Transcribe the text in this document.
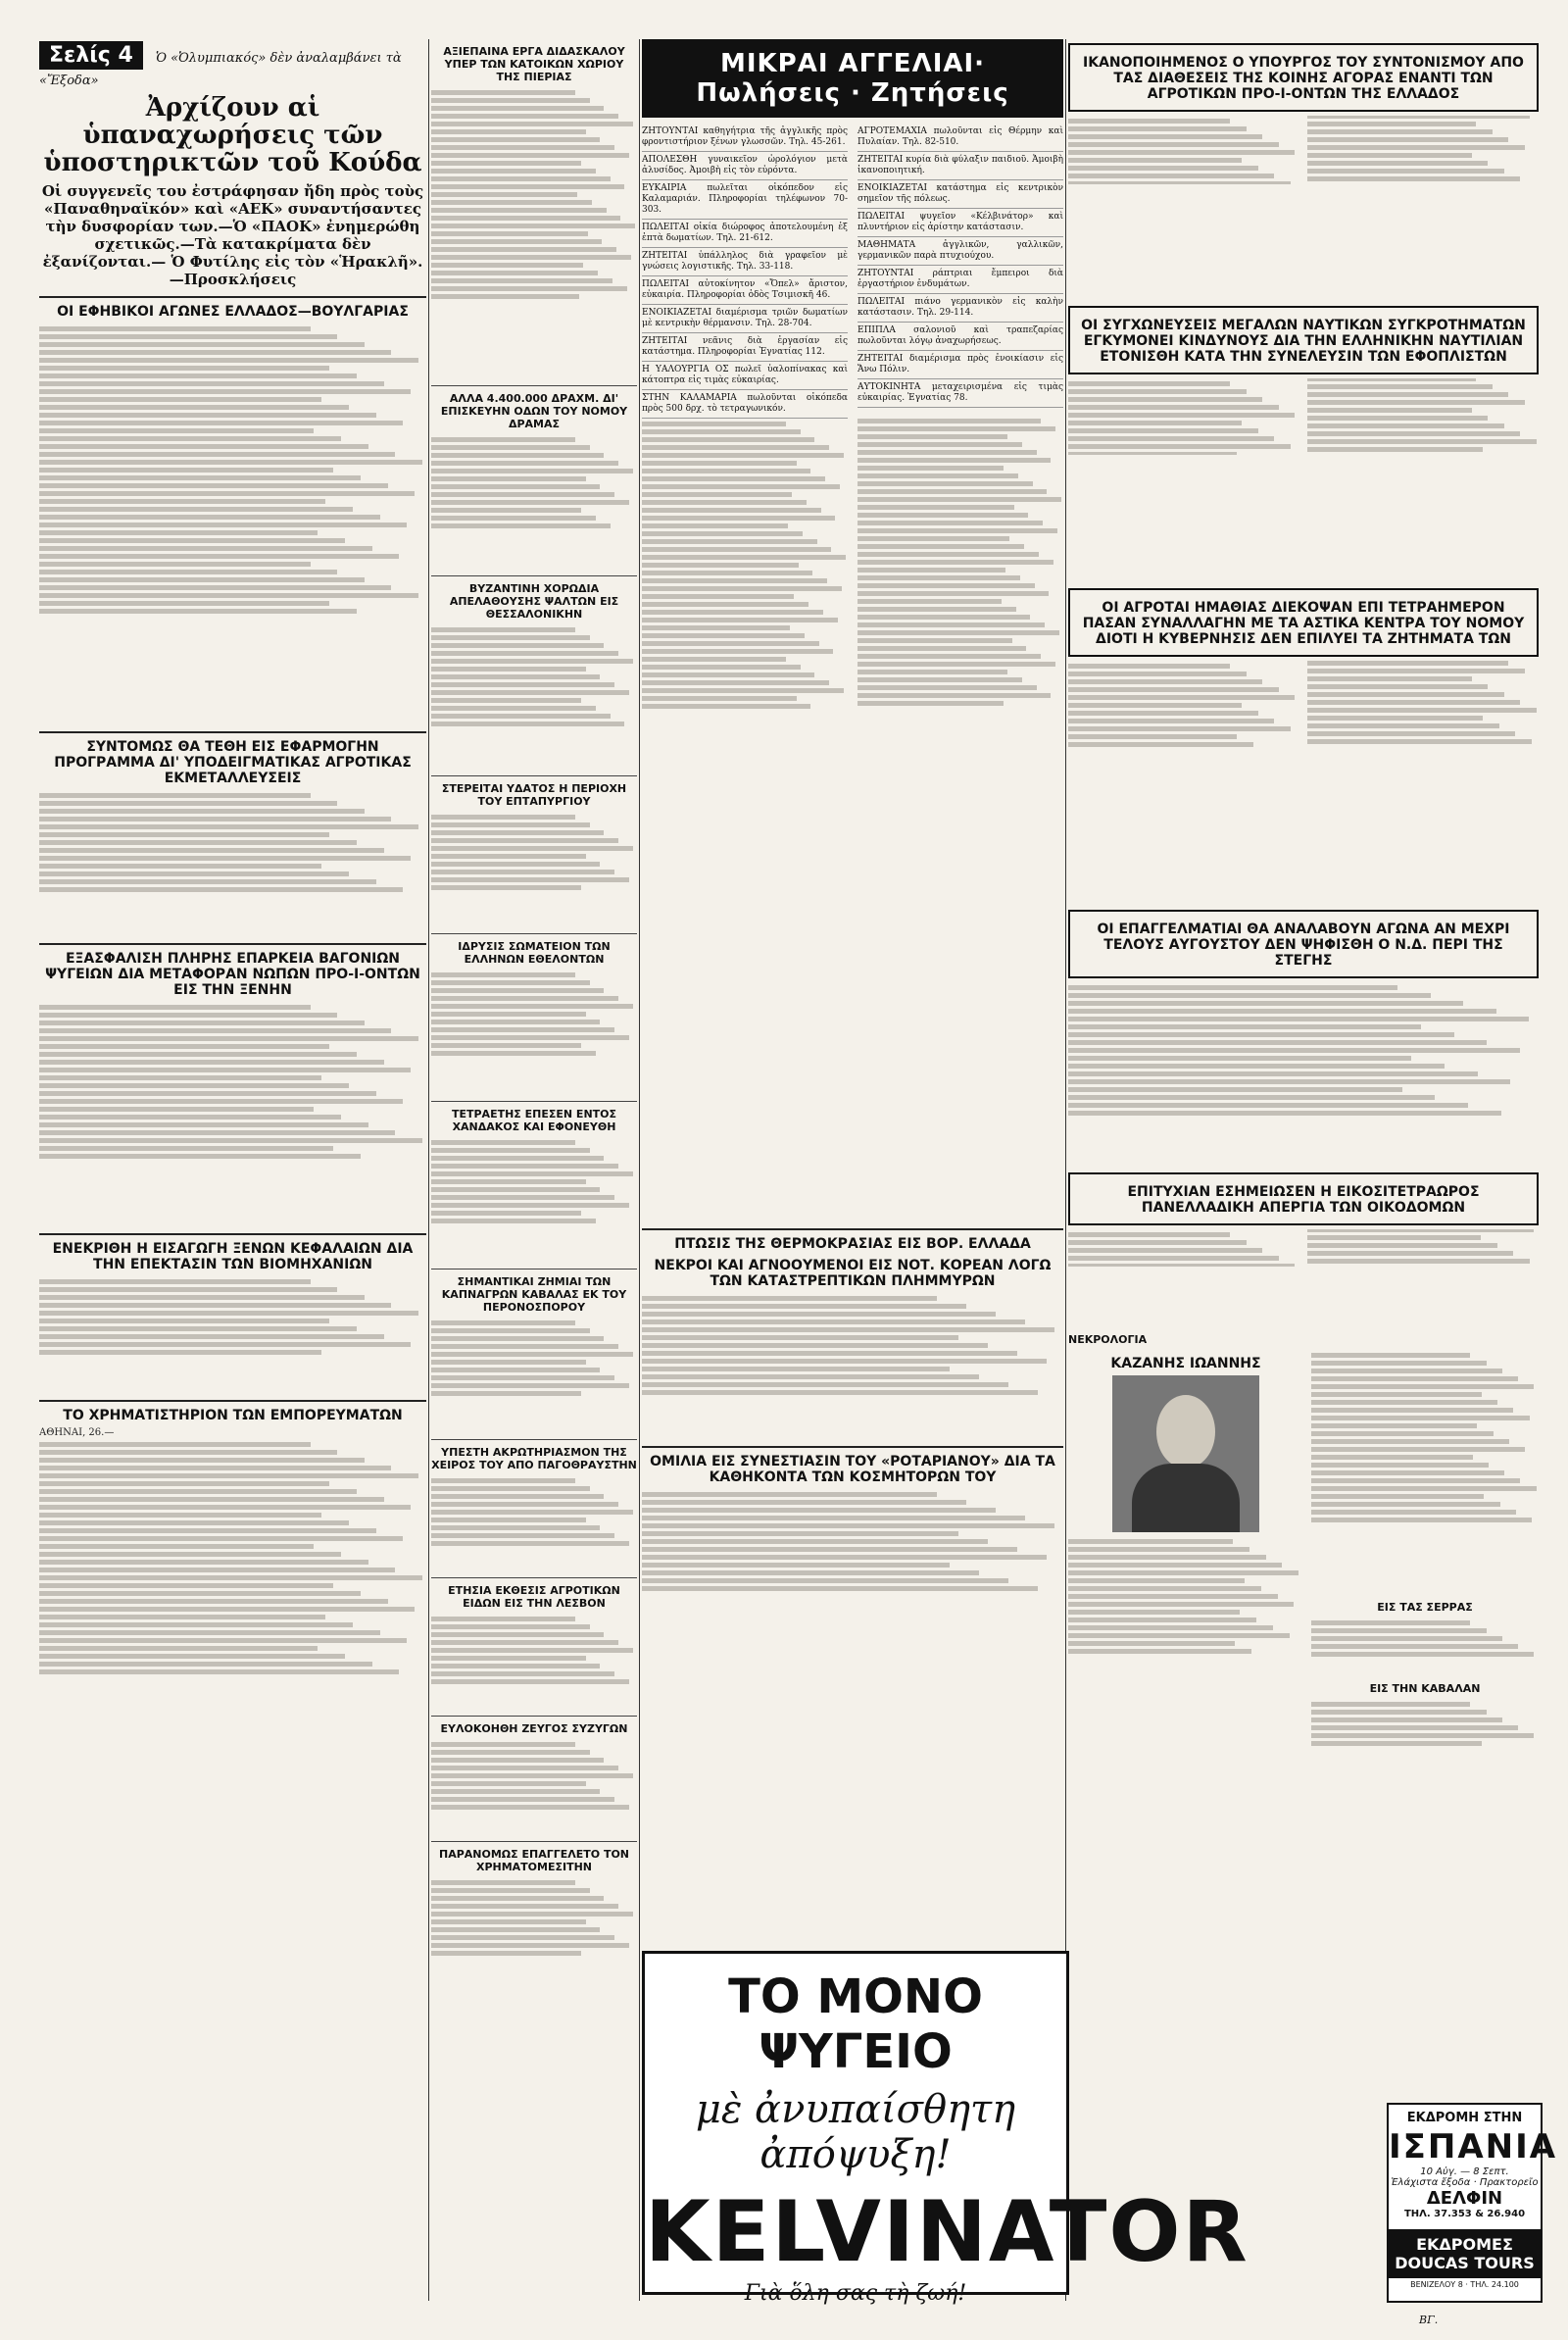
Σελίς 4 Ὁ «Ὀλυμπιακός» δὲν ἀναλαμβάνει τὰ «Ἔξοδα»
Ἀρχίζουν αἱ ὑπαναχωρήσεις τῶν ὑποστηρικτῶν τοῦ Κούδα
Οἱ συγγενεῖς του ἐστράφησαν ἤδη πρὸς τοὺς «Παναθηναϊκόν» καὶ «ΑΕΚ» συναντήσαντες τὴν δυσφορίαν των.—Ὁ «ΠΑΟΚ» ἐνημερώθη σχετικῶς.—Τὰ κατακρίματα δὲν ἐξανίζονται.— Ὁ Φυτίλης εἰς τὸν «Ἡρακλῆ».—Προσκλήσεις
ΟΙ ΕΦΗΒΙΚΟΙ ΑΓΩΝΕΣ ΕΛΛΑΔΟΣ—ΒΟΥΛΓΑΡΙΑΣ
ΣΥΝΤΟΜΩΣ ΘΑ ΤΕΘΗ ΕΙΣ ΕΦΑΡΜΟΓΗΝ ΠΡΟΓΡΑΜΜΑ ΔΙ' ΥΠΟΔΕΙΓΜΑΤΙΚΑΣ ΑΓΡΟΤΙΚΑΣ ΕΚΜΕΤΑΛΛΕΥΣΕΙΣ
ΕΞΑΣΦΑΛΙΣΗ ΠΛΗΡΗΣ ΕΠΑΡΚΕΙΑ ΒΑΓΟΝΙΩΝ ΨΥΓΕΙΩΝ ΔΙΑ ΜΕΤΑΦΟΡΑΝ ΝΩΠΩΝ ΠΡΟ-Ι-ΟΝΤΩΝ ΕΙΣ ΤΗΝ ΞΕΝΗΝ
ΕΝΕΚΡΙΘΗ Η ΕΙΣΑΓΩΓΗ ΞΕΝΩΝ ΚΕΦΑΛΑΙΩΝ ΔΙΑ ΤΗΝ ΕΠΕΚΤΑΣΙΝ ΤΩΝ ΒΙΟΜΗΧΑΝΙΩΝ
ΤΟ ΧΡΗΜΑΤΙΣΤΗΡΙΟΝ ΤΩΝ ΕΜΠΟΡΕΥΜΑΤΩΝ
ΑΘΗΝΑΙ, 26.—
ΑΞΙΕΠΑΙΝΑ ΕΡΓΑ ΔΙΔΑΣΚΑΛΟΥ ΥΠΕΡ ΤΩΝ ΚΑΤΟΙΚΩΝ ΧΩΡΙΟΥ ΤΗΣ ΠΙΕΡΙΑΣ
ΑΛΛΑ 4.400.000 ΔΡΑΧΜ. ΔΙ' ΕΠΙΣΚΕΥΗΝ ΟΔΩΝ ΤΟΥ ΝΟΜΟΥ ΔΡΑΜΑΣ
ΒΥΖΑΝΤΙΝΗ ΧΟΡΩΔΙΑ ΑΠΕΛΑΘΟΥΣΗΣ ΨΑΛΤΩΝ ΕΙΣ ΘΕΣΣΑΛΟΝΙΚΗΝ
ΣΤΕΡΕΙΤΑΙ ΥΔΑΤΟΣ Η ΠΕΡΙΟΧΗ ΤΟΥ ΕΠΤΑΠΥΡΓΙΟΥ
ΙΔΡΥΣΙΣ ΣΩΜΑΤΕΙΟΝ ΤΩΝ ΕΛΛΗΝΩΝ ΕΘΕΛΟΝΤΩΝ
ΤΕΤΡΑΕΤΗΣ ΕΠΕΣΕΝ ΕΝΤΟΣ ΧΑΝΔΑΚΟΣ ΚΑΙ ΕΦΟΝΕΥΘΗ
ΣΗΜΑΝΤΙΚΑΙ ΖΗΜΙΑΙ ΤΩΝ ΚΑΠΝΑΓΡΩΝ ΚΑΒΑΛΑΣ ΕΚ ΤΟΥ ΠΕΡΟΝΟΣΠΟΡΟΥ
ΥΠΕΣΤΗ ΑΚΡΩΤΗΡΙΑΣΜΟΝ ΤΗΣ ΧΕΙΡΟΣ ΤΟΥ ΑΠΟ ΠΑΓΟΘΡΑΥΣΤΗΝ
ΕΤΗΣΙΑ ΕΚΘΕΣΙΣ ΑΓΡΟΤΙΚΩΝ ΕΙΔΩΝ ΕΙΣ ΤΗΝ ΛΕΣΒΟΝ
ΕΥΛΟΚΟΗΘΗ ΖΕΥΓΟΣ ΣΥΖΥΓΩΝ
ΠΑΡΑΝΟΜΩΣ ΕΠΑΓΓΕΛΕΤΟ ΤΟΝ ΧΡΗΜΑΤΟΜΕΣΙΤΗΝ
ΜΙΚΡΑΙ ΑΓΓΕΛΙΑΙ· Πωλήσεις · Ζητήσεις
ΖΗΤΟΥΝΤΑΙ καθηγήτρια τῆς ἀγγλικῆς πρὸς φροντιστήριον ξένων γλωσσῶν. Τηλ. 45-261.
ΑΠΟΛΕΣΘΗ γυναικεῖον ὡρολόγιον μετὰ ἀλυσίδος. Ἀμοιβὴ εἰς τὸν εὑρόντα.
ΕΥΚΑΙΡΙΑ πωλεῖται οἰκόπεδον εἰς Καλαμαριάν. Πληροφορίαι τηλέφωνον 70-303.
ΠΩΛΕΙΤΑΙ οἰκία διώροφος ἀποτελουμένη ἐξ ἑπτὰ δωματίων. Τηλ. 21-612.
ΖΗΤΕΙΤΑΙ ὑπάλληλος διὰ γραφεῖον μὲ γνώσεις λογιστικῆς. Τηλ. 33-118.
ΠΩΛΕΙΤΑΙ αὐτοκίνητον «Ὄπελ» ἄριστον, εὐκαιρία. Πληροφορίαι ὁδὸς Τσιμισκῆ 46.
ΕΝΟΙΚΙΑΖΕΤΑΙ διαμέρισμα τριῶν δωματίων μὲ κεντρικὴν θέρμανσιν. Τηλ. 28-704.
ΖΗΤΕΙΤΑΙ νεᾶνις διὰ ἐργασίαν εἰς κατάστημα. Πληροφορίαι Ἐγνατίας 112.
Η ΥΑΛΟΥΡΓΙΑ ΟΣ πωλεῖ ὑαλοπίνακας καὶ κάτοπτρα εἰς τιμὰς εὐκαιρίας.
ΣΤΗΝ ΚΑΛΑΜΑΡΙΑ πωλοῦνται οἰκόπεδα πρὸς 500 δρχ. τὸ τετραγωνικόν.
ΑΓΡΟΤΕΜΑΧΙΑ πωλοῦνται εἰς Θέρμην καὶ Πυλαίαν. Τηλ. 82-510.
ΖΗΤΕΙΤΑΙ κυρία διὰ φύλαξιν παιδιοῦ. Ἀμοιβὴ ἱκανοποιητική.
ΕΝΟΙΚΙΑΖΕΤΑΙ κατάστημα εἰς κεντρικὸν σημεῖον τῆς πόλεως.
ΠΩΛΕΙΤΑΙ ψυγεῖον «Κέλβινάτορ» καὶ πλυντήριον εἰς ἀρίστην κατάστασιν.
ΜΑΘΗΜΑΤΑ ἀγγλικῶν, γαλλικῶν, γερμανικῶν παρὰ πτυχιούχου.
ΖΗΤΟΥΝΤΑΙ ράπτριαι ἔμπειροι διὰ ἐργαστήριον ἐνδυμάτων.
ΠΩΛΕΙΤΑΙ πιάνο γερμανικὸν εἰς καλὴν κατάστασιν. Τηλ. 29-114.
ΕΠΙΠΛΑ σαλονιοῦ καὶ τραπεζαρίας πωλοῦνται λόγῳ ἀναχωρήσεως.
ΖΗΤΕΙΤΑΙ διαμέρισμα πρὸς ἐνοικίασιν εἰς Ἄνω Πόλιν.
ΑΥΤΟΚΙΝΗΤΑ μεταχειρισμένα εἰς τιμὰς εὐκαιρίας. Ἐγνατίας 78.
ΠΤΩΣΙΣ ΤΗΣ ΘΕΡΜΟΚΡΑΣΙΑΣ ΕΙΣ ΒΟΡ. ΕΛΛΑΔΑ
ΝΕΚΡΟΙ ΚΑΙ ΑΓΝΟΟΥΜΕΝΟΙ ΕΙΣ ΝΟΤ. ΚΟΡΕΑΝ ΛΟΓΩ ΤΩΝ ΚΑΤΑΣΤΡΕΠΤΙΚΩΝ ΠΛΗΜΜΥΡΩΝ
ΟΜΙΛΙΑ ΕΙΣ ΣΥΝΕΣΤΙΑΣΙΝ ΤΟΥ «ΡΟΤΑΡΙΑΝΟΥ» ΔΙΑ ΤΑ ΚΑΘΗΚΟΝΤΑ ΤΩΝ ΚΟΣΜΗΤΟΡΩΝ ΤΟΥ
ΤΟ ΜΟΝΟ ΨΥΓΕΙΟ
μὲ ἀνυπαίσθητη ἀπόψυξη!
KELVINATOR
Γιὰ ὅλη σας τὴ ζωή!
ΙΚΑΝΟΠΟΙΗΜΕΝΟΣ Ο ΥΠΟΥΡΓΟΣ ΤΟΥ ΣΥΝΤΟΝΙΣΜΟΥ ΑΠΟ ΤΑΣ ΔΙΑΘΕΣΕΙΣ ΤΗΣ ΚΟΙΝΗΣ ΑΓΟΡΑΣ ΕΝΑΝΤΙ ΤΩΝ ΑΓΡΟΤΙΚΩΝ ΠΡΟ-Ι-ΟΝΤΩΝ ΤΗΣ ΕΛΛΑΔΟΣ
ΟΙ ΣΥΓΧΩΝΕΥΣΕΙΣ ΜΕΓΑΛΩΝ ΝΑΥΤΙΚΩΝ ΣΥΓΚΡΟΤΗΜΑΤΩΝ ΕΓΚΥΜΟΝΕΙ ΚΙΝΔΥΝΟΥΣ ΔΙΑ ΤΗΝ ΕΛΛΗΝΙΚΗΝ ΝΑΥΤΙΛΙΑΝ ΕΤΟΝΙΣΘΗ ΚΑΤΑ ΤΗΝ ΣΥΝΕΛΕΥΣΙΝ ΤΩΝ ΕΦΟΠΛΙΣΤΩΝ
ΟΙ ΑΓΡΟΤΑΙ ΗΜΑΘΙΑΣ ΔΙΕΚΟΨΑΝ ΕΠΙ ΤΕΤΡΑΗΜΕΡΟΝ ΠΑΣΑΝ ΣΥΝΑΛΛΑΓΗΝ ΜΕ ΤΑ ΑΣΤΙΚΑ ΚΕΝΤΡΑ ΤΟΥ ΝΟΜΟΥ ΔΙΟΤΙ Η ΚΥΒΕΡΝΗΣΙΣ ΔΕΝ ΕΠΙΛΥΕΙ ΤΑ ΖΗΤΗΜΑΤΑ ΤΩΝ
ΟΙ ΕΠΑΓΓΕΛΜΑΤΙΑΙ ΘΑ ΑΝΑΛΑΒΟΥΝ ΑΓΩΝΑ ΑΝ ΜΕΧΡΙ ΤΕΛΟΥΣ ΑΥΓΟΥΣΤΟΥ ΔΕΝ ΨΗΦΙΣΘΗ Ο Ν.Δ. ΠΕΡΙ ΤΗΣ ΣΤΕΓΗΣ
ΕΠΙΤΥΧΙΑΝ ΕΣΗΜΕΙΩΣΕΝ Η ΕΙΚΟΣΙΤΕΤΡΑΩΡΟΣ ΠΑΝΕΛΛΑΔΙΚΗ ΑΠΕΡΓΙΑ ΤΩΝ ΟΙΚΟΔΟΜΩΝ
ΝΕΚΡΟΛΟΓΙΑ
ΚΑΖΑΝΗΣ ΙΩΑΝΝΗΣ
ΕΙΣ ΤΑΣ ΣΕΡΡΑΣ
ΕΙΣ ΤΗΝ ΚΑΒΑΛΑΝ
ΕΚΔΡΟΜΗ ΣΤΗΝ
ΙΣΠΑΝΙΑ
10 Αὐγ. — 8 Σεπτ.
Ἐλάχιστα ἔξοδα · Πρακτορεῖο
ΔΕΛΦΙΝ
ΤΗΛ. 37.353 & 26.940
ΕΚΔΡΟΜΕΣ DOUCAS TOURS
ΒΕΝΙΖΕΛΟΥ 8 · ΤΗΛ. 24.100
ΒΓ.
